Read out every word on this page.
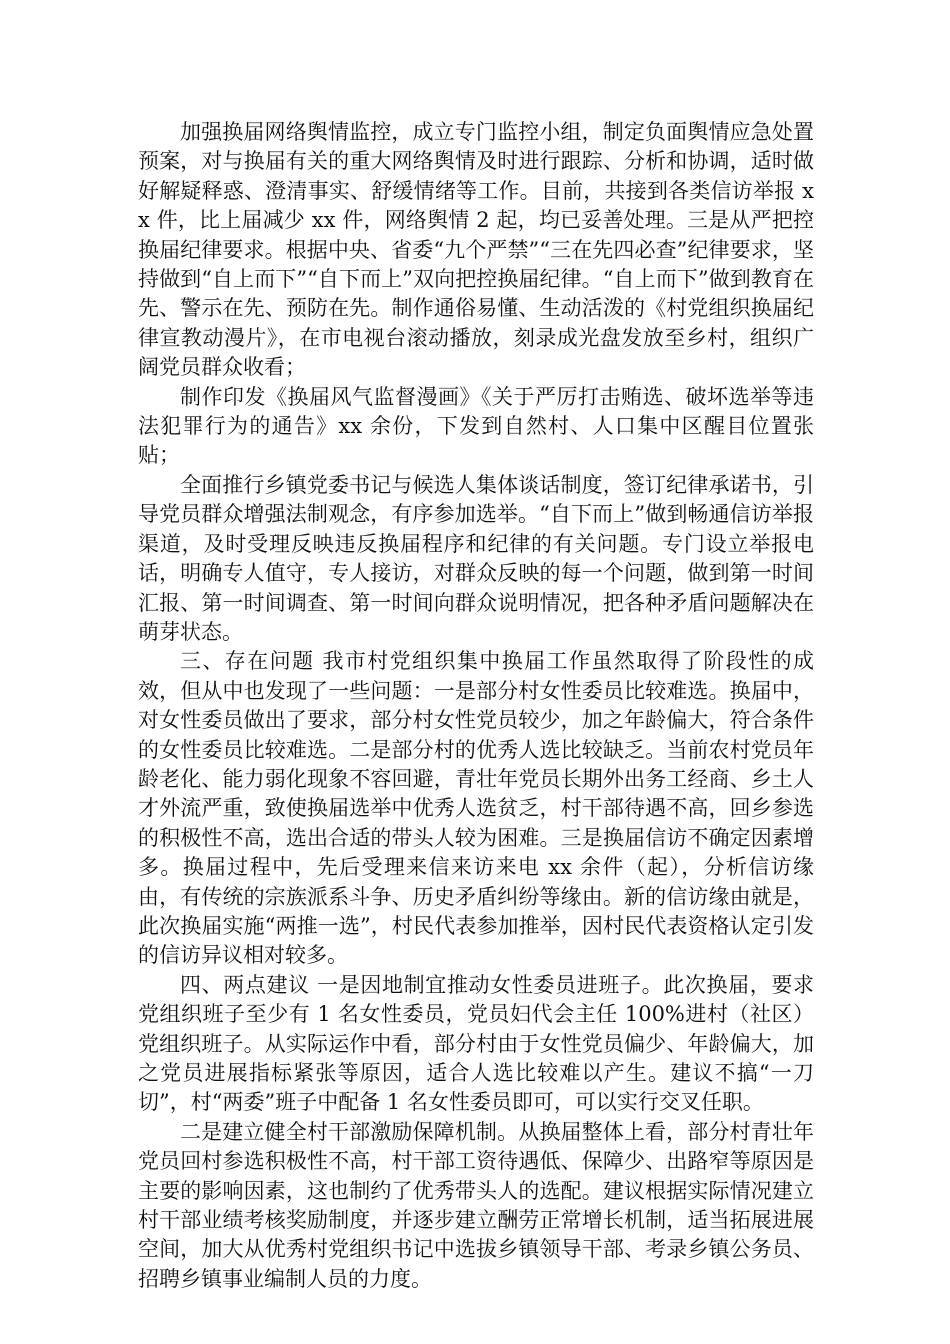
加强换届网络舆情监控，成立专门监控小组，制定负面舆情应急处置预案，对与换届有关的重大网络舆情及时进行跟踪、分析和协调，适时做好解疑释惑、澄清事实、舒缓情绪等工作。目前，共接到各类信访举报 xx 件，比上届减少 xx 件，网络舆情 2 起，均已妥善处理。三是从严把控换届纪律要求。根据中央、省委“九个严禁”“三在先四必查”纪律要求，坚持做到“自上而下”“自下而上”双向把控换届纪律。“自上而下”做到教育在先、警示在先、预防在先。制作通俗易懂、生动活泼的《村党组织换届纪律宣教动漫片》，在市电视台滚动播放，刻录成光盘发放至乡村，组织广阔党员群众收看；

制作印发《换届风气监督漫画》《关于严厉打击贿选、破坏选举等违法犯罪行为的通告》xx 余份，下发到自然村、人口集中区醒目位置张贴；

全面推行乡镇党委书记与候选人集体谈话制度，签订纪律承诺书，引导党员群众增强法制观念，有序参加选举。“自下而上”做到畅通信访举报渠道，及时受理反映违反换届程序和纪律的有关问题。专门设立举报电话，明确专人值守，专人接访，对群众反映的每一个问题，做到第一时间汇报、第一时间调查、第一时间向群众说明情况，把各种矛盾问题解决在萌芽状态。

三、存在问题 我市村党组织集中换届工作虽然取得了阶段性的成效，但从中也发现了一些问题：一是部分村女性委员比较难选。换届中，对女性委员做出了要求，部分村女性党员较少，加之年龄偏大，符合条件的女性委员比较难选。二是部分村的优秀人选比较缺乏。当前农村党员年龄老化、能力弱化现象不容回避，青壮年党员长期外出务工经商、乡土人才外流严重，致使换届选举中优秀人选贫乏，村干部待遇不高，回乡参选的积极性不高，选出合适的带头人较为困难。三是换届信访不确定因素增多。换届过程中，先后受理来信来访来电 xx 余件（起），分析信访缘由，有传统的宗族派系斗争、历史矛盾纠纷等缘由。新的信访缘由就是，此次换届实施“两推一选”，村民代表参加推举，因村民代表资格认定引发的信访异议相对较多。

四、两点建议 一是因地制宜推动女性委员进班子。此次换届，要求党组织班子至少有 1 名女性委员，党员妇代会主任 100%进村（社区）党组织班子。从实际运作中看，部分村由于女性党员偏少、年龄偏大，加之党员进展指标紧张等原因，适合人选比较难以产生。建议不搞“一刀切”，村“两委”班子中配备 1 名女性委员即可，可以实行交叉任职。

二是建立健全村干部激励保障机制。从换届整体上看，部分村青壮年党员回村参选积极性不高，村干部工资待遇低、保障少、出路窄等原因是主要的影响因素，这也制约了优秀带头人的选配。建议根据实际情况建立村干部业绩考核奖励制度，并逐步建立酬劳正常增长机制，适当拓展进展空间，加大从优秀村党组织书记中选拔乡镇领导干部、考录乡镇公务员、招聘乡镇事业编制人员的力度。
